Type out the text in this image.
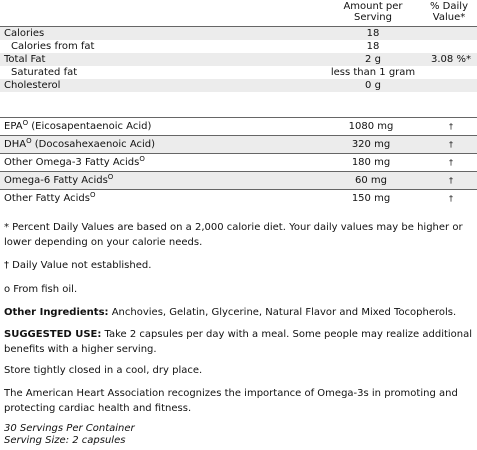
Amount per
Serving
% Daily
Value*
Calories	18
Calories from fat	18
Total Fat	2 g	3.08 %*
Saturated fat	less than 1 gram
Cholesterol	0 g
$EPA^O$ (Eicosapentaenoic Acid)	1080 mg	†
$DHA^O$ (Docosahexaenoic Acid)	320 mg	†
Other Omega-3 Fatty Acids$^O$	180 mg	†
Omega-6 Fatty Acids$^O$	60 mg	†
Other Fatty Acids$^O$	150 mg	†
* Percent Daily Values are based on a 2,000 calorie diet. Your daily values may be higher or lower depending on your calorie needs.
† Daily Value not established.
o From fish oil.
Other Ingredients: Anchovies, Gelatin, Glycerine, Natural Flavor and Mixed Tocopherols.
SUGGESTED USE: Take 2 capsules per day with a meal. Some people may realize additional benefits with a higher serving.
Store tightly closed in a cool, dry place.
The American Heart Association recognizes the importance of Omega-3s in promoting and protecting cardiac health and fitness.
30 Servings Per Container
Serving Size: 2 capsules
